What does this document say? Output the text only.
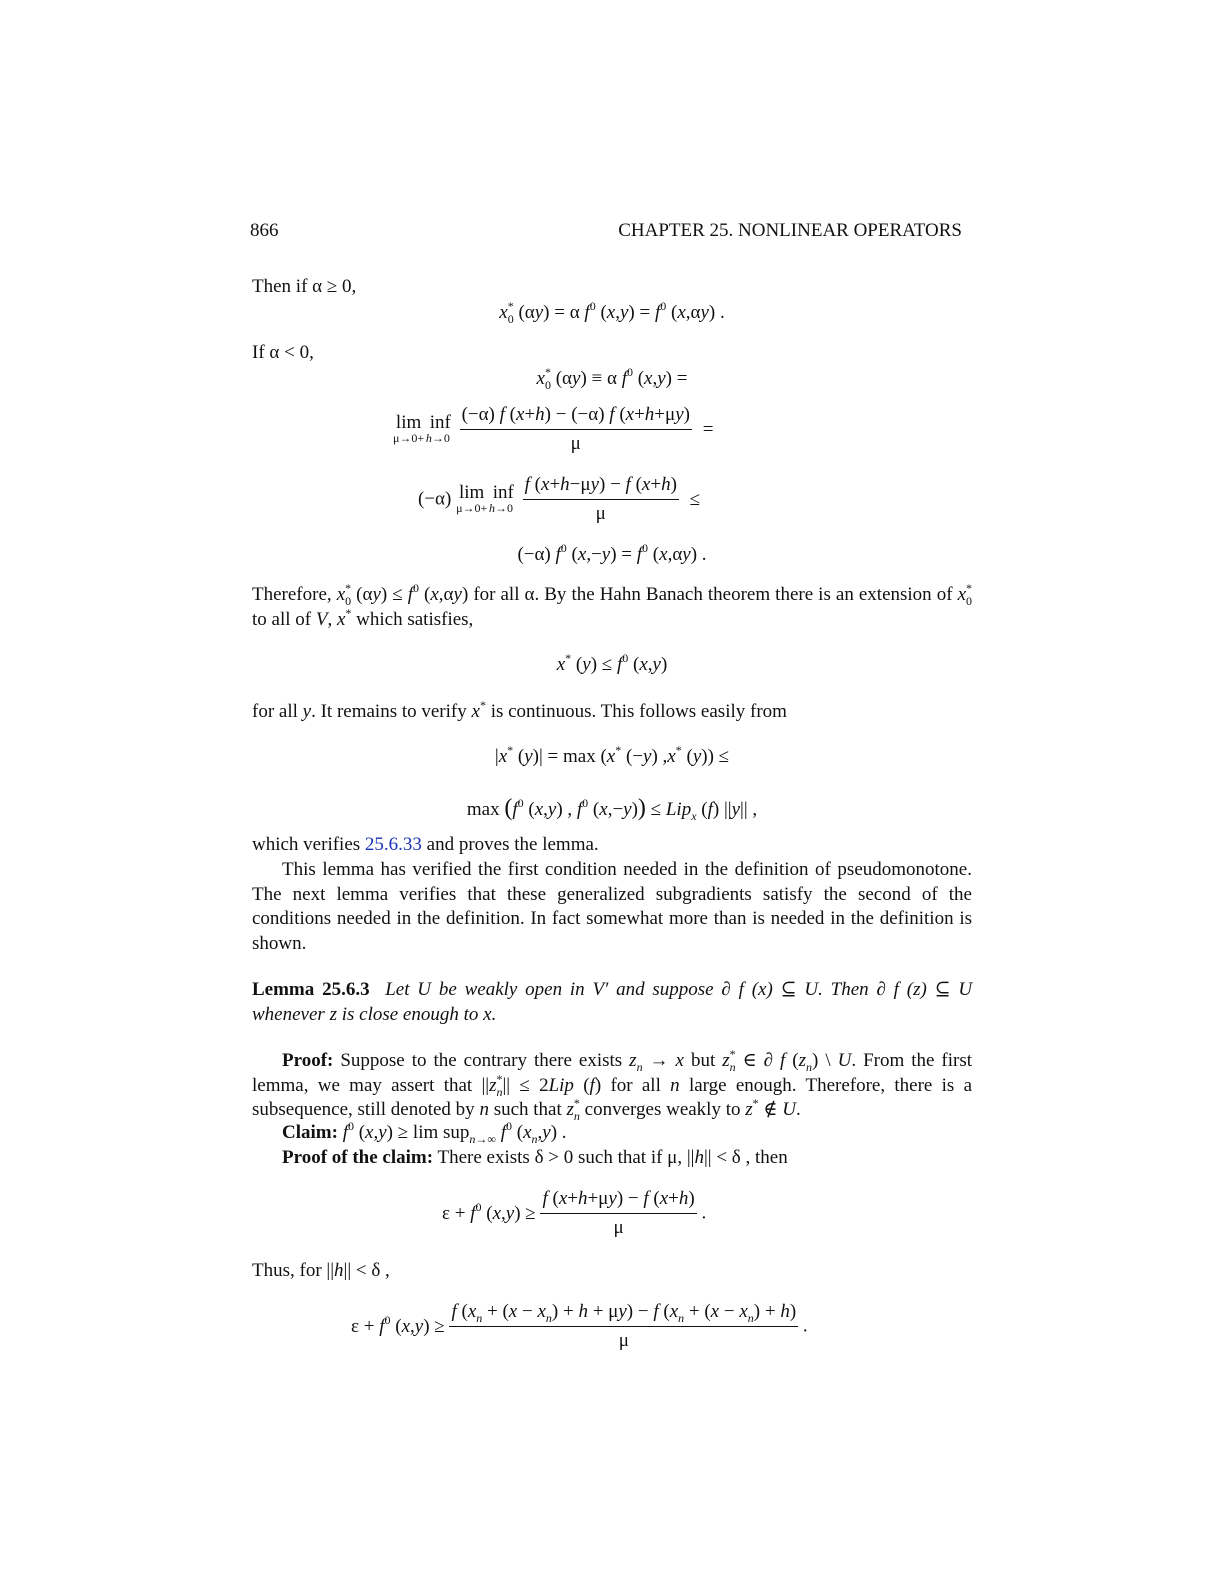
866	CHAPTER 25. NONLINEAR OPERATORS
Then if α ≥ 0,
$x^*_0$ (αy) = α $f^0$ $(x,y) = f^0$ (x,αy) .
If α < 0,
$x^*_0$ (αy) ≡ α $f^0$ (x,y) =
lim
μ→0+
inf
h→0
$\frac{(-\alpha) f (x+h) - (-\alpha) f (x+h+\mu y)}{\mu}$ =
(−α) lim
μ→0+
inf
h→0
$\frac{f (x+h-\mu y) - f (x+h)}{\mu}$ ≤
(−α) $f^0$ $(x,-y) = f^0$ (x,αy) .
Therefore, $x^*_0$ $(\alpha y) \le f^0$ (x,αy) for all α. By the Hahn Banach theorem there is an extension of $x^*_0$ to all of V, x* which satisfies,
x* $(y) \le f^0$ (x,y)
for all y. It remains to verify x* is continuous. This follows easily from
|x* (y)| = max (x* (−y) ,x* (y)) ≤
$\max (f^0$ (x,y) , $f^0$ (x,−y)) ≤ Lip$_x$ (f) ||y|| ,
which verifies 25.6.33 and proves the lemma.
This lemma has verified the first condition needed in the definition of pseudomonotone. The next lemma verifies that these generalized subgradients satisfy the second of the conditions needed in the definition. In fact somewhat more than is needed in the definition is shown.
Lemma 25.6.3 Let U be weakly open in V′ and suppose ∂ f (x) ⊆ U. Then ∂ f (z) ⊆ U whenever z is close enough to x.
Proof: Suppose to the contrary there exists $z_n \to x$ but $z^*_n$ ∈ ∂ f $(z_n)$ \ U. From the first lemma, we may assert that $||z^*_n|| \le 2Lip$ (f) for all n large enough. Therefore, there is a subsequence, still denoted by n such that $z^*_n$ converges weakly to z* ∉ U.
Claim: $f^0$ (x,y) ≥ lim sup$_{n\to\infty}$ $f^0$ $(x_n,y)$ .
Proof of the claim: There exists δ > 0 such that if μ, ||h|| < δ , then
$\varepsilon + f^0$ $(x,y) \ge \frac{f (x+h+\mu y) - f (x+h)}{\mu}$ .
Thus, for ||h|| < δ ,
$\varepsilon + f^0$ $(x,y) \ge \frac{f (x_n + (x - x_n) + h + \mu y) - f (x_n + (x - x_n) + h)}{\mu}$ .
